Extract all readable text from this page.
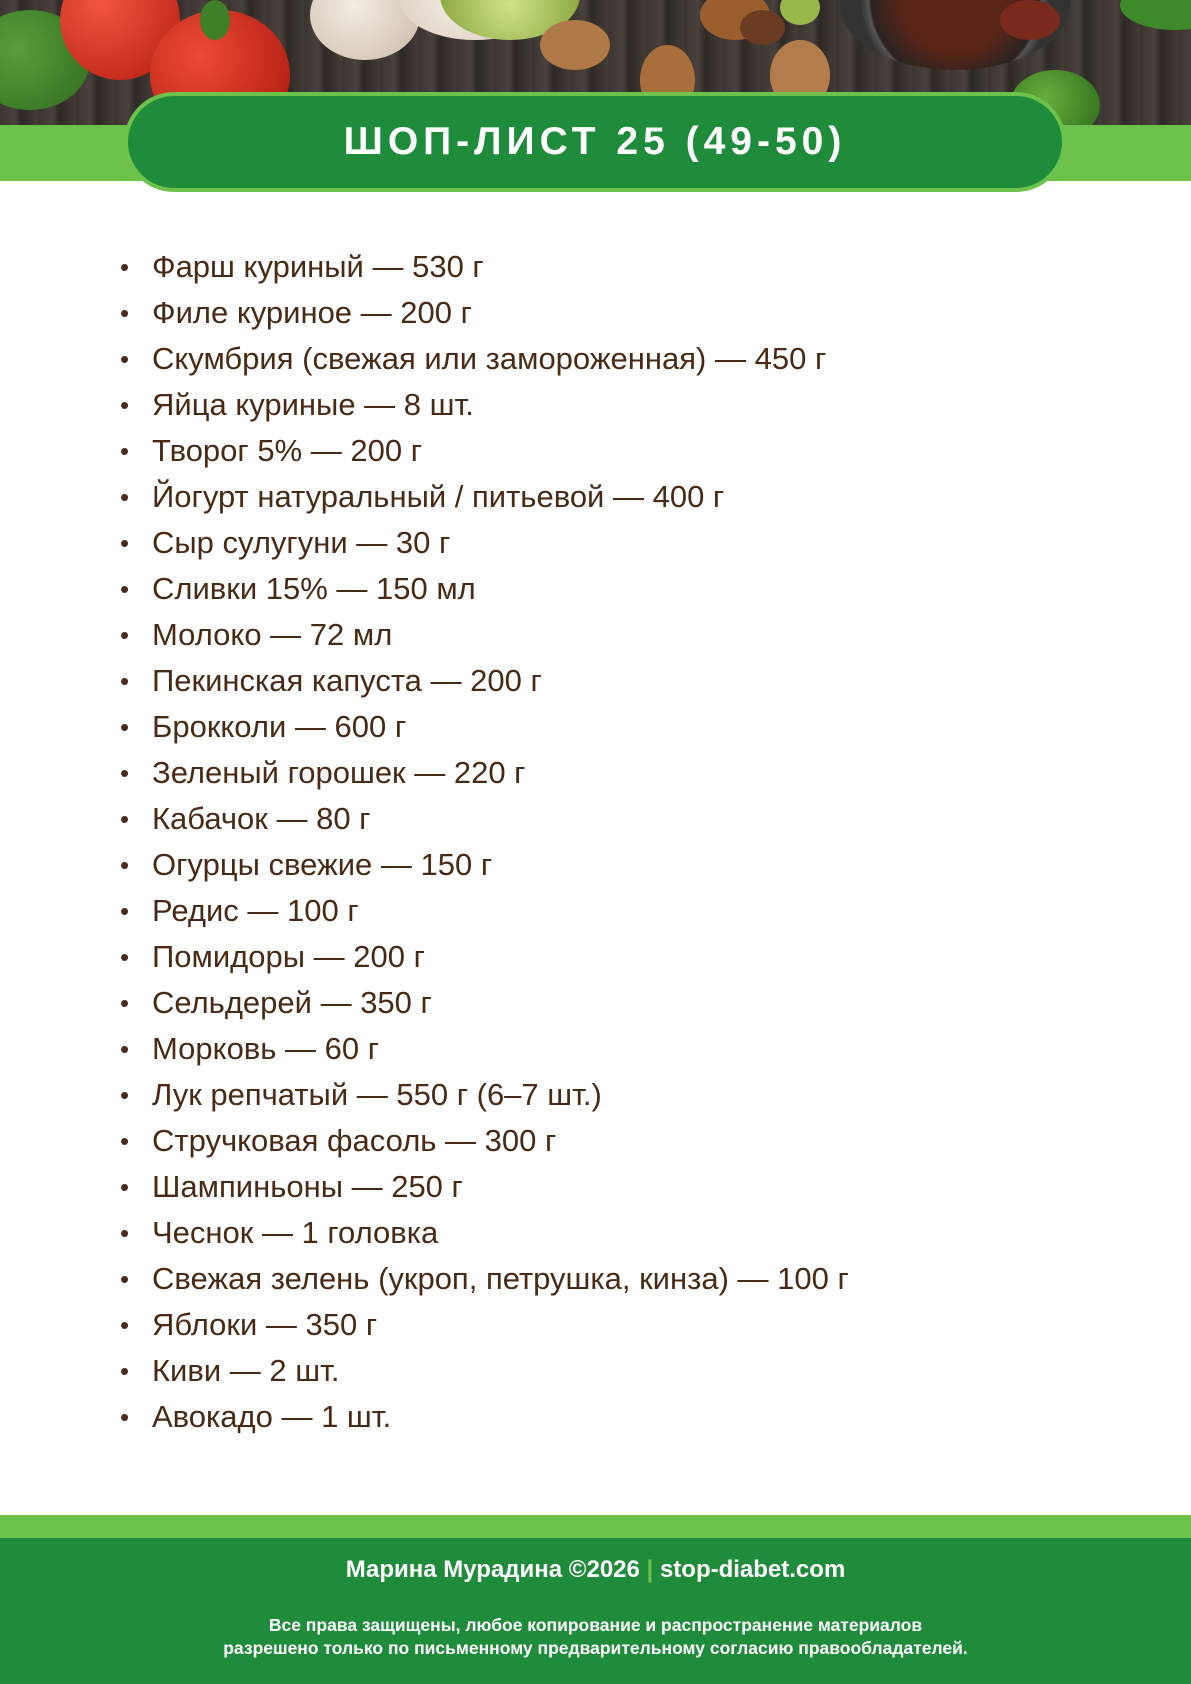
ШОП-ЛИСТ 25 (49-50)
• Фарш куриный — 530 г
• Филе куриное — 200 г
• Скумбрия (свежая или замороженная) — 450 г
• Яйца куриные — 8 шт.
• Творог 5% — 200 г
• Йогурт натуральный / питьевой — 400 г
• Сыр сулугуни — 30 г
• Сливки 15% — 150 мл
• Молоко — 72 мл
• Пекинская капуста — 200 г
• Брокколи — 600 г
• Зеленый горошек — 220 г
• Кабачок — 80 г
• Огурцы свежие — 150 г
• Редис — 100 г
• Помидоры — 200 г
• Сельдерей — 350 г
• Морковь — 60 г
• Лук репчатый — 550 г (6–7 шт.)
• Стручковая фасоль — 300 г
• Шампиньоны — 250 г
• Чеснок — 1 головка
• Свежая зелень (укроп, петрушка, кинза) — 100 г
• Яблоки — 350 г
• Киви — 2 шт.
• Авокадо — 1 шт.
Марина Мурадина ©2026 | stop-diabet.com
Все права защищены, любое копирование и распространение материалов
разрешено только по письменному предварительному согласию правообладателей.
